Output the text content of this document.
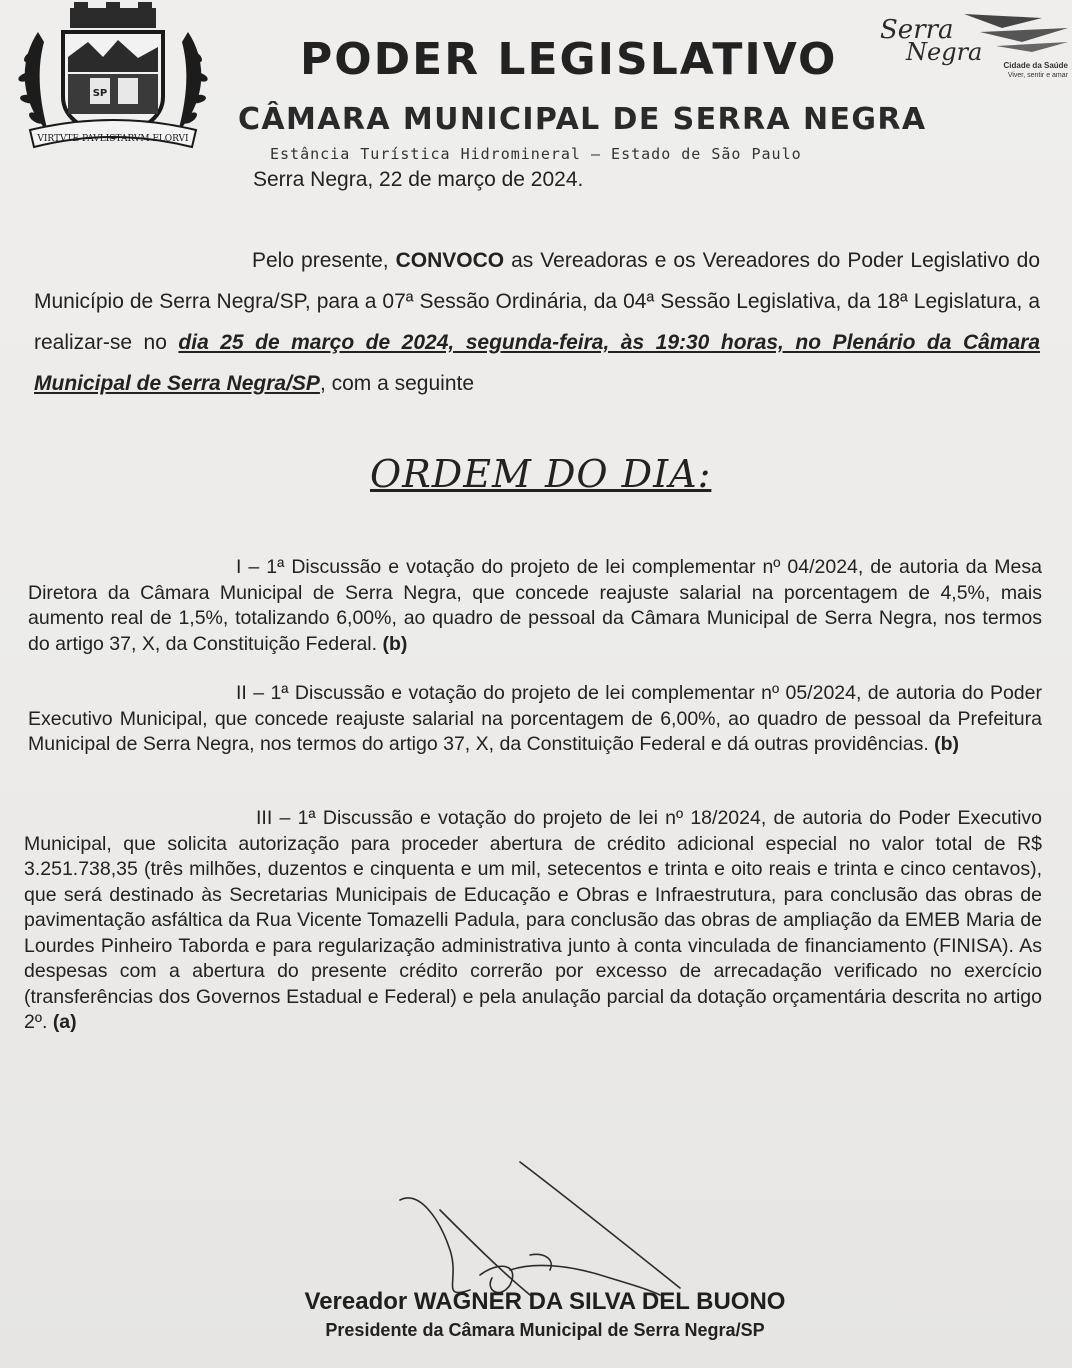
SP
VIRTVTE PAVLISTARVM FLORVI
PODER LEGISLATIVO
CÂMARA MUNICIPAL DE SERRA NEGRA
Estância Turística Hidromineral – Estado de São Paulo
Serra
Negra	Cidade da Saúde
Viver, sentir e amar
Serra Negra, 22 de março de 2024.
Pelo presente, CONVOCO as Vereadoras e os Vereadores do Poder Legislativo do Município de Serra Negra/SP, para a 07ª Sessão Ordinária, da 04ª Sessão Legislativa, da 18ª Legislatura, a realizar-se no dia 25 de março de 2024, segunda-feira, às 19:30 horas, no Plenário da Câmara Municipal de Serra Negra/SP, com a seguinte
ORDEM DO DIA:
I – 1ª Discussão e votação do projeto de lei complementar nº 04/2024, de autoria da Mesa Diretora da Câmara Municipal de Serra Negra, que concede reajuste salarial na porcentagem de 4,5%, mais aumento real de 1,5%, totalizando 6,00%, ao quadro de pessoal da Câmara Municipal de Serra Negra, nos termos do artigo 37, X, da Constituição Federal. (b)
II – 1ª Discussão e votação do projeto de lei complementar nº 05/2024, de autoria do Poder Executivo Municipal, que concede reajuste salarial na porcentagem de 6,00%, ao quadro de pessoal da Prefeitura Municipal de Serra Negra, nos termos do artigo 37, X, da Constituição Federal e dá outras providências. (b)
III – 1ª Discussão e votação do projeto de lei nº 18/2024, de autoria do Poder Executivo Municipal, que solicita autorização para proceder abertura de crédito adicional especial no valor total de R$ 3.251.738,35 (três milhões, duzentos e cinquenta e um mil, setecentos e trinta e oito reais e trinta e cinco centavos), que será destinado às Secretarias Municipais de Educação e Obras e Infraestrutura, para conclusão das obras de pavimentação asfáltica da Rua Vicente Tomazelli Padula, para conclusão das obras de ampliação da EMEB Maria de Lourdes Pinheiro Taborda e para regularização administrativa junto à conta vinculada de financiamento (FINISA). As despesas com a abertura do presente crédito correrão por excesso de arrecadação verificado no exercício (transferências dos Governos Estadual e Federal) e pela anulação parcial da dotação orçamentária descrita no artigo 2º. (a)
Vereador WAGNER DA SILVA DEL BUONO
Presidente da Câmara Municipal de Serra Negra/SP
